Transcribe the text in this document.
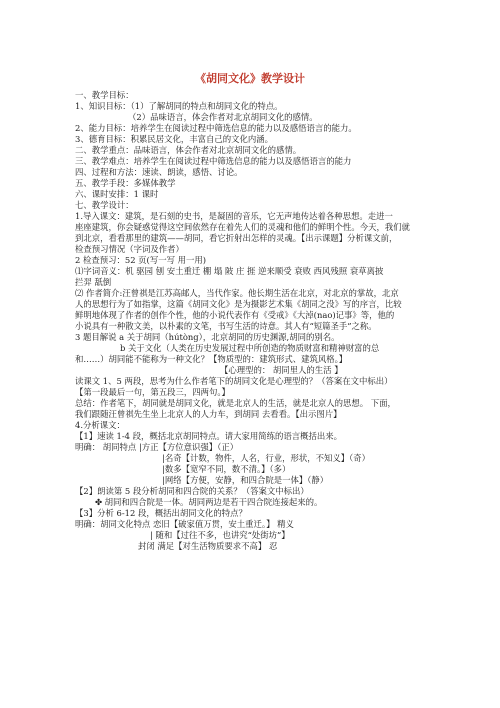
《胡同文化》教学设计
一、教学目标：
1、知识目标：（1）了解胡同的特点和胡同文化的特点。
（2）品味语言，体会作者对北京胡同文化的感情。
2、能力目标：培养学生在阅读过程中筛选信息的能力以及感悟语言的能力。
3、德育目标：积累民居文化，丰富自己的文化内涵。
二、教学重点：品味语言，体会作者对北京胡同文化的感情。
三、教学难点：培养学生在阅读过程中筛选信息的能力以及感悟语言的能力
四、过程和方法：速读、朗读，感悟、讨论。
五、教学手段：多媒体教学
六、课时安排：1 课时
七、教学设计：
1.导入课文：建筑，是石刻的史书，是凝固的音乐，它无声地传达着各种思想。走进一
座座建筑，你会疑惑觉得这空间依然存在着先人们的灵魂和他们的鲜明个性。今天，我们就
到北京，看看那里的建筑——胡同，看它折射出怎样的灵魂。【出示课题】分析课文前，
检查预习情况（字词及作者）
2 检查预习：52 页(写一写 用一用)
⑴字词音义：机 驱园 刨 安土重迁 棚 塌 陂 庄 捱 逆来顺受 衰败 西风残照 衰草离披
拦羿 舐倒
⑵ 作者简介:汪曾祺是江苏高邮人，当代作家。他长期生活在北京，对北京的掌故，北京
人的思想行为了如指掌，这篇《胡同文化》是为摄影艺术集《胡同之没》写的序言，比较
鲜明地体现了作者的创作个性，他的小说代表作有《受戒》《大淖(nao)记事》等，他的
小说具有一种散文美，以朴素的文笔，书写生活的诗意。其人有“短篇圣手”之称。
3 题目解说 a 关于胡同（hútòng），北京胡同的历史渊源,胡同的别名。
b 关于文化（人类在历史发展过程中所创造的物质财富和精神财富的总
和……）胡同能不能称为一种文化？【物质型的：建筑形式、建筑风格。】
【心理型的： 胡同里人的生活 】
读课文 1、5 两段，思考为什么作者笔下的胡同文化是心理型的？（答案在文中标出）
【第一段最后一句，第五段三，四两句。】
总结：作者笔下，胡同就是胡同文化，就是北京人的生活，就是北京人的思想。 下面，
我们跟随汪曾祺先生坐上北京人的人力车，到胡同 去看看。【出示图片】
4.分析课文：
【1】速读 1-4 段，概括北京胡同特点。请大家用简练的语言概括出来。
明确： 胡同特点 |方正【方位意识强】（正）
|名奇【计数，物件，人名，行业，形状，不知义】（奇）
|数多【宽窄不同，数不清。】（多）
|网络【方便，安静，和四合院是一体】（静）
【2】朗读第 5 段分析胡同和四合院的关系？（答案文中标出）
✤ 胡同和四合院是一体。胡同两边是若干四合院连接起来的。
【3】分析 6-12 段，概括出胡同文化的特点？
明确：胡同文化特点 恋旧【破家值万贯，安土重迁。】 精义
| 随和【过往不多，也讲究“处街坊”】
封闭 满足【对生活物质要求不高】 忍
